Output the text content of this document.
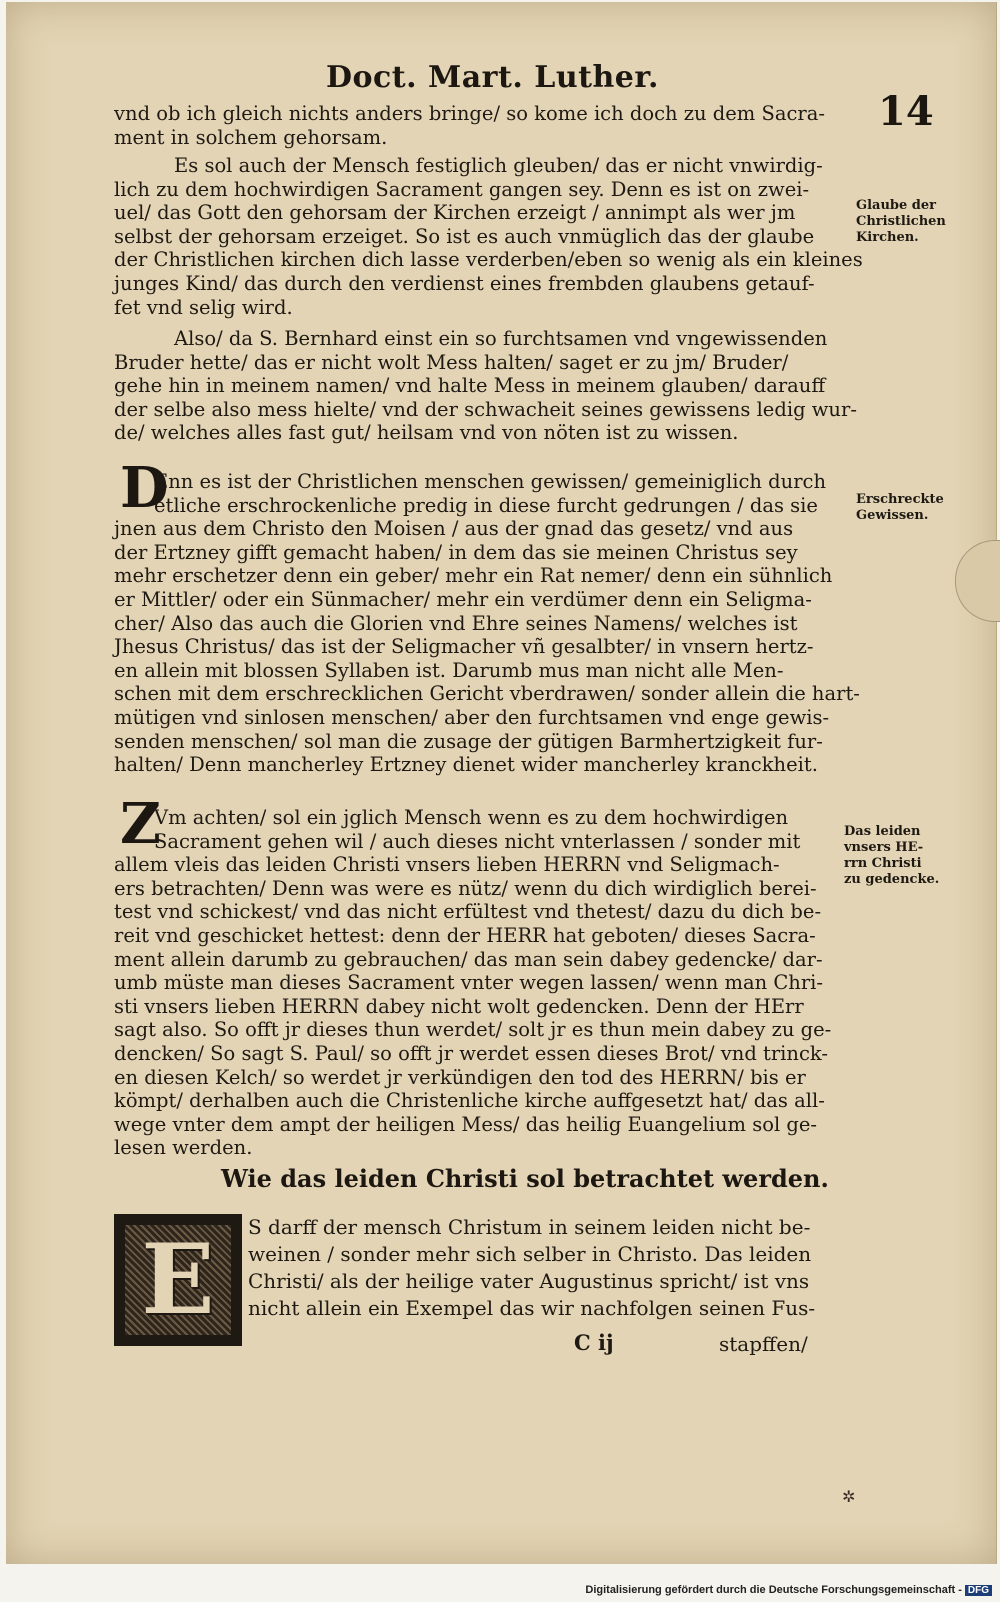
Doct. Mart. Luther.
14
vnd ob ich gleich nichts anders bringe/ so kome ich doch zu dem Sacra-
ment in solchem gehorsam.
Es sol auch der Mensch festiglich gleuben/ das er nicht vnwirdig-
lich zu dem hochwirdigen Sacrament gangen sey. Denn es ist on zwei-
uel/ das Gott den gehorsam der Kirchen erzeigt / annimpt als wer jm
selbst der gehorsam erzeiget. So ist es auch vnmüglich das der glaube
der Christlichen kirchen dich lasse verderben/eben so wenig als ein kleines
junges Kind/ das durch den verdienst eines frembden glaubens getauf-
fet vnd selig wird.
Also/ da S. Bernhard einst ein so furchtsamen vnd vngewissenden
Bruder hette/ das er nicht wolt Mess halten/ saget er zu jm/ Bruder/
gehe hin in meinem namen/ vnd halte Mess in meinem glauben/ darauff
der selbe also mess hielte/ vnd der schwacheit seines gewissens ledig wur-
de/ welches alles fast gut/ heilsam vnd von nöten ist zu wissen.
D
Enn es ist der Christlichen menschen gewissen/ gemeiniglich durch
etliche erschrockenliche predig in diese furcht gedrungen / das sie
jnen aus dem Christo den Moisen / aus der gnad das gesetz/ vnd aus
der Ertzney gifft gemacht haben/ in dem das sie meinen Christus sey
mehr erschetzer denn ein geber/ mehr ein Rat nemer/ denn ein sühnlich
er Mittler/ oder ein Sünmacher/ mehr ein verdümer denn ein Seligma-
cher/ Also das auch die Glorien vnd Ehre seines Namens/ welches ist
Jhesus Christus/ das ist der Seligmacher vñ gesalbter/ in vnsern hertz-
en allein mit blossen Syllaben ist. Darumb mus man nicht alle Men-
schen mit dem erschrecklichen Gericht vberdrawen/ sonder allein die hart-
mütigen vnd sinlosen menschen/ aber den furchtsamen vnd enge gewis-
senden menschen/ sol man die zusage der gütigen Barmhertzigkeit fur-
halten/ Denn mancherley Ertzney dienet wider mancherley kranckheit.
Z
Vm achten/ sol ein jglich Mensch wenn es zu dem hochwirdigen
Sacrament gehen wil / auch dieses nicht vnterlassen / sonder mit
allem vleis das leiden Christi vnsers lieben HERRN vnd Seligmach-
ers betrachten/ Denn was were es nütz/ wenn du dich wirdiglich berei-
test vnd schickest/ vnd das nicht erfültest vnd thetest/ dazu du dich be-
reit vnd geschicket hettest: denn der HERR hat geboten/ dieses Sacra-
ment allein darumb zu gebrauchen/ das man sein dabey gedencke/ dar-
umb müste man dieses Sacrament vnter wegen lassen/ wenn man Chri-
sti vnsers lieben HERRN dabey nicht wolt gedencken. Denn der HErr
sagt also. So offt jr dieses thun werdet/ solt jr es thun mein dabey zu ge-
dencken/ So sagt S. Paul/ so offt jr werdet essen dieses Brot/ vnd trinck-
en diesen Kelch/ so werdet jr verkündigen den tod des HERRN/ bis er
kömpt/ derhalben auch die Christenliche kirche auffgesetzt hat/ das all-
wege vnter dem ampt der heiligen Mess/ das heilig Euangelium sol ge-
lesen werden.
Wie das leiden Christi sol betrachtet werden.
E S darff der mensch Christum in seinem leiden nicht be-
weinen / sonder mehr sich selber in Christo. Das leiden
Christi/ als der heilige vater Augustinus spricht/ ist vns
nicht allein ein Exempel das wir nachfolgen seinen Fus-
C ij	stapffen/
Glaube der
Christlichen
Kirchen.
Erschreckte
Gewissen.
Das leiden
vnsers HE-
rrn Christi
zu gedencke.
✲
Digitalisierung gefördert durch die Deutsche Forschungsgemeinschaft - DFG
